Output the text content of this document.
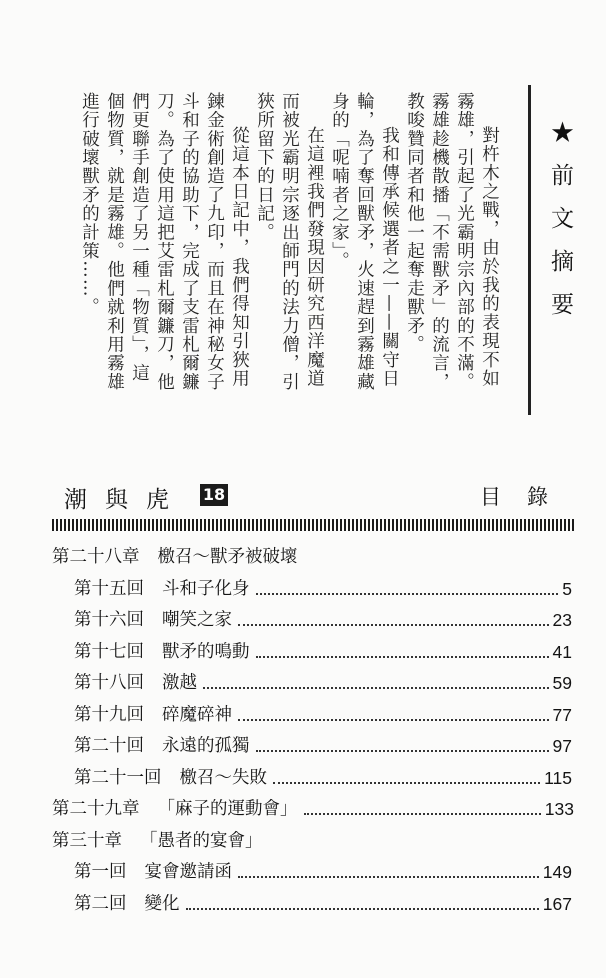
對杵木之戰，由於我的表現不如
霧雄，引起了光霸明宗內部的不滿。
霧雄趁機散播「不需獸矛」的流言，
教唆贊同者和他一起奪走獸矛。
我和傳承候選者之一——關守日
輪，為了奪回獸矛，火速趕到霧雄藏
身的「呢喃者之家」。
在這裡我們發現因研究西洋魔道
而被光霸明宗逐出師門的法力僧，引
狹所留下的日記。
從這本日記中，我們得知引狹用
鍊金術創造了九印，而且在神秘女子
斗和子的協助下，完成了支雷札爾鐮
刀。為了使用這把艾雷札爾鐮刀，他
們更聯手創造了另一種「物質」，這
個物質，就是霧雄。他們就利用霧雄
進行破壞獸矛的計策……。	★前文摘要
潮與虎 18	目錄
第二十八章 檄召～獸矛被破壞
第十五回 斗和子化身	5
第十六回 嘲笑之家	23
第十七回 獸矛的鳴動	41
第十八回 激越	59
第十九回 碎魔碎神	77
第二十回 永遠的孤獨	97
第二十一回 檄召～失敗	115
第二十九章 「麻子的運動會」	133
第三十章 「愚者的宴會」
第一回 宴會邀請函	149
第二回 變化	167
